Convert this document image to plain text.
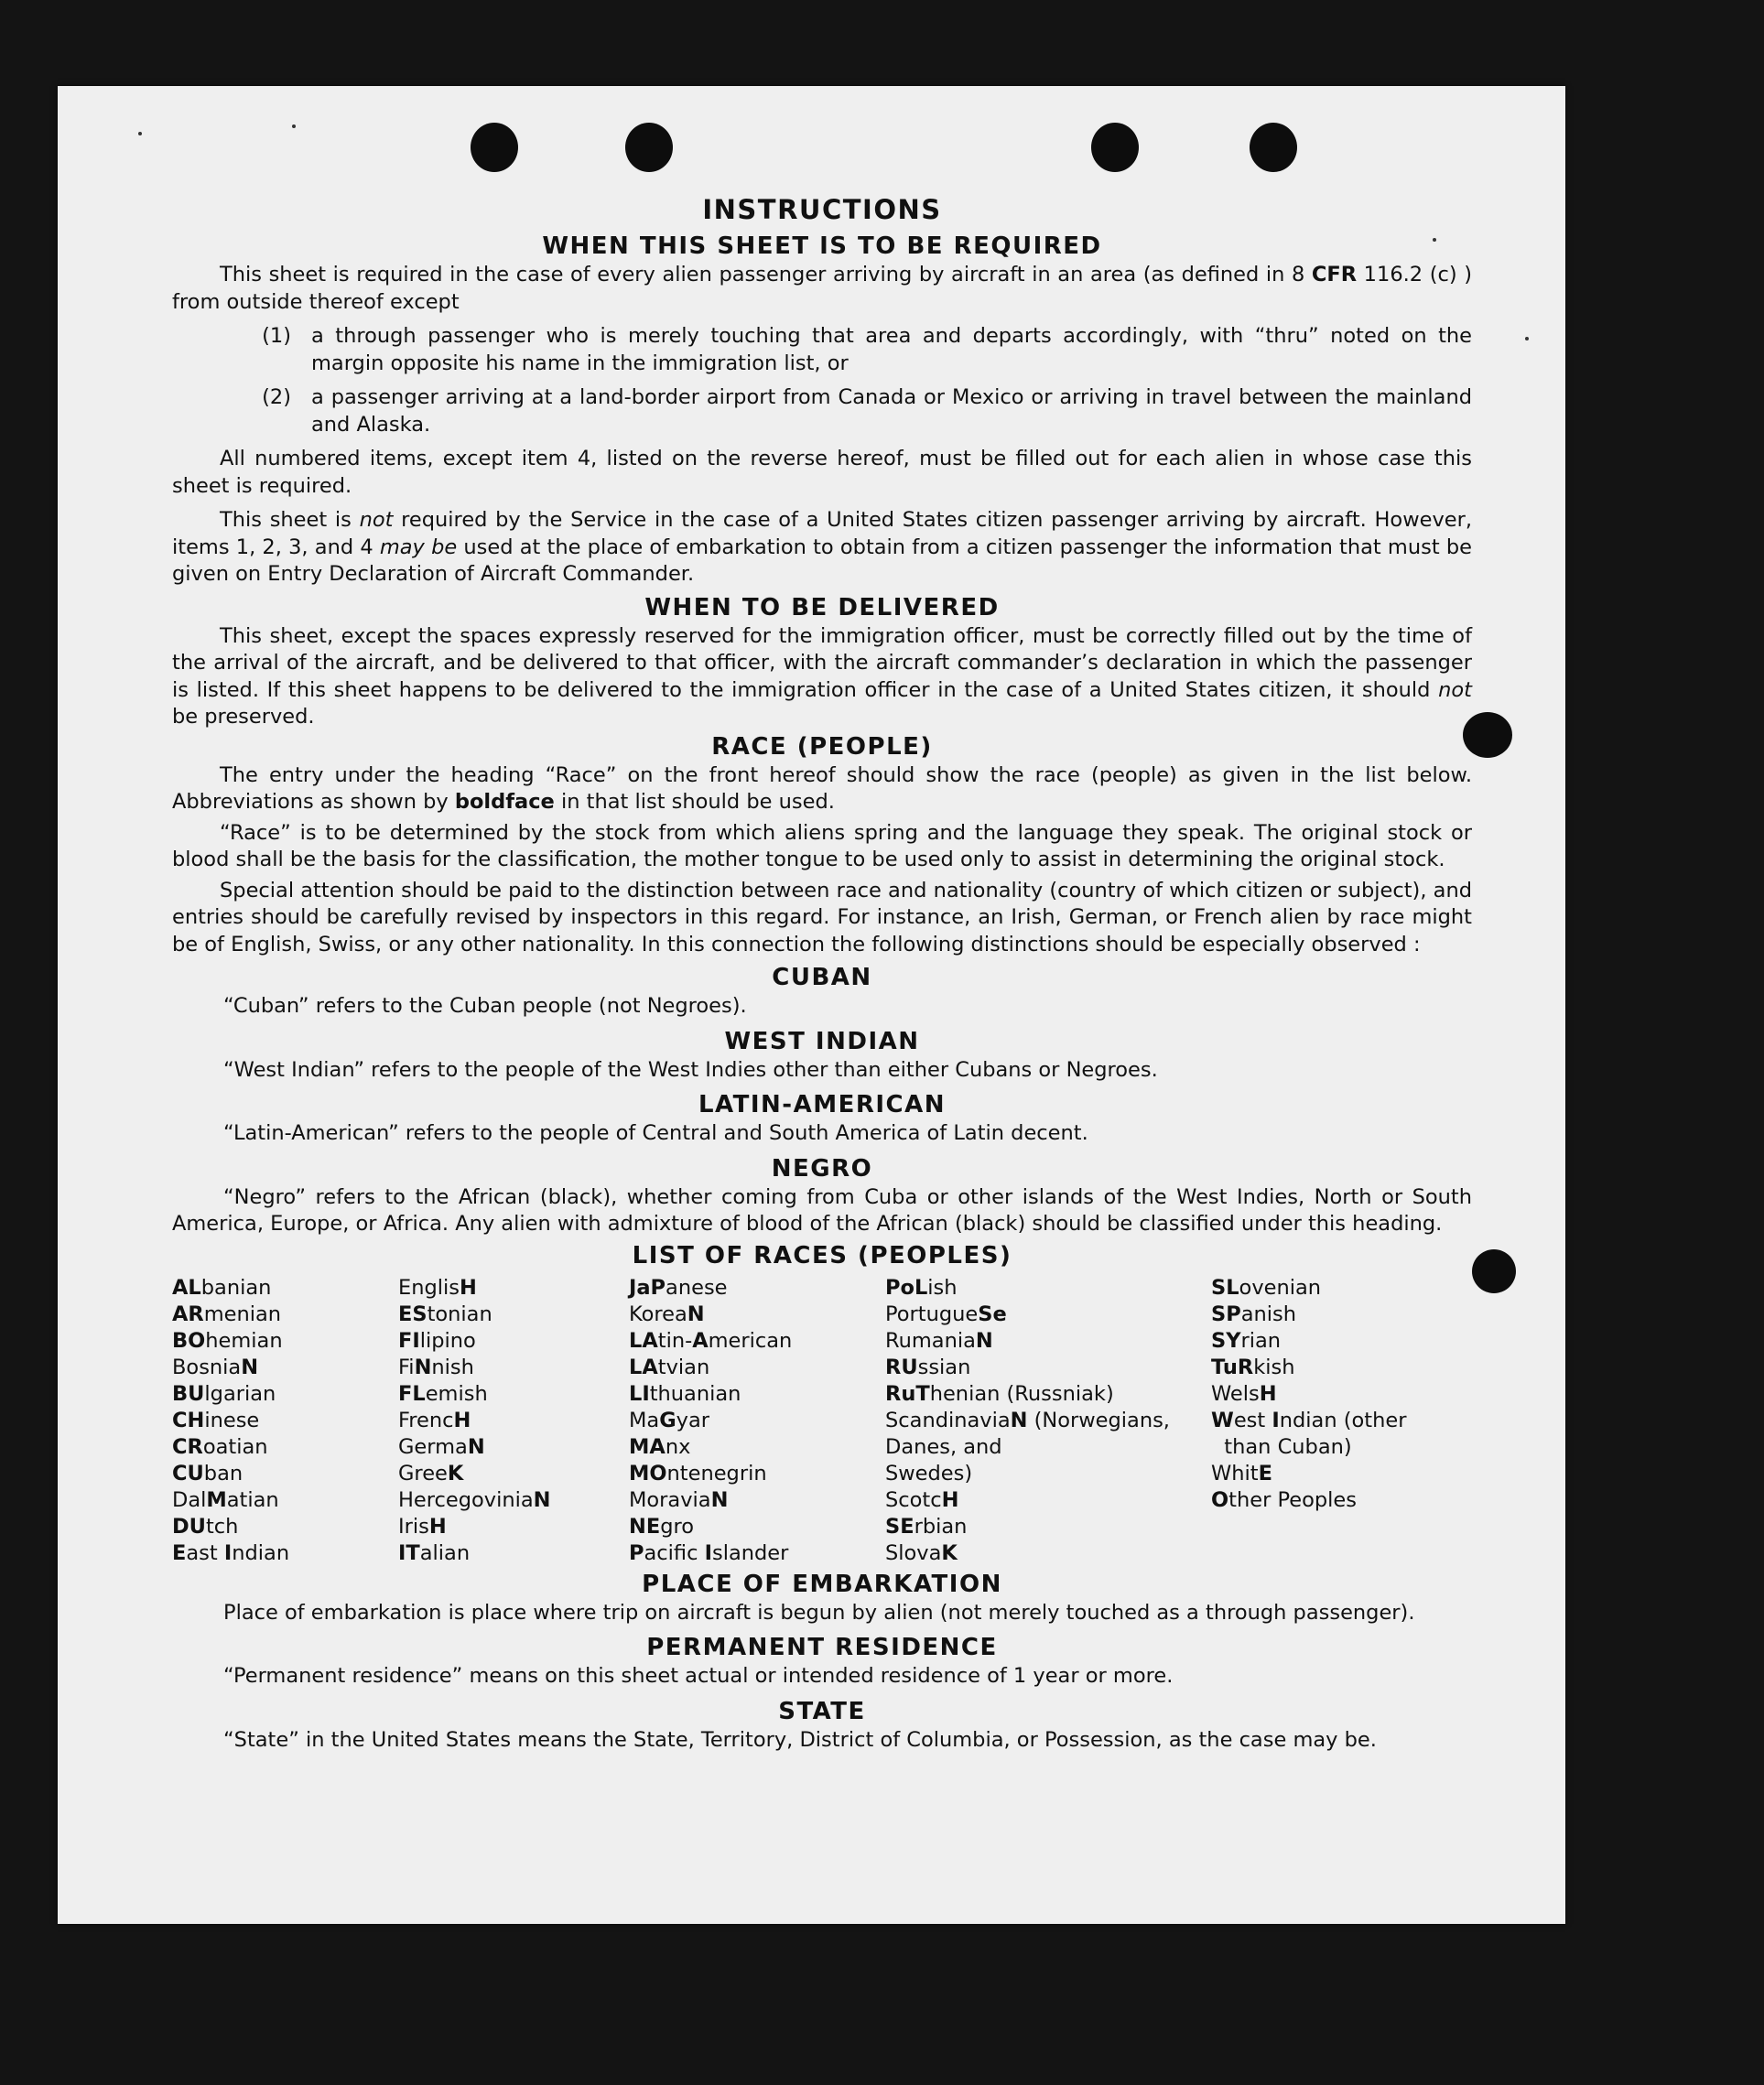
INSTRUCTIONS
WHEN THIS SHEET IS TO BE REQUIRED

This sheet is required in the case of every alien passenger arriving by aircraft in an area (as defined in 8 CFR 116.2 (c) ) from outside thereof except

(1) a through passenger who is merely touching that area and departs accordingly, with “thru” noted on the margin opposite his name in the immigration list, or
(2) a passenger arriving at a land-border airport from Canada or Mexico or arriving in travel between the mainland and Alaska.

All numbered items, except item 4, listed on the reverse hereof, must be filled out for each alien in whose case this sheet is required.

This sheet is not required by the Service in the case of a United States citizen passenger arriving by aircraft. However, items 1, 2, 3, and 4 may be used at the place of embarkation to obtain from a citizen passenger the information that must be given on Entry Declaration of Aircraft Commander.

WHEN TO BE DELIVERED

This sheet, except the spaces expressly reserved for the immigration officer, must be correctly filled out by the time of the arrival of the aircraft, and be delivered to that officer, with the aircraft commander’s declaration in which the passenger is listed. If this sheet happens to be delivered to the immigration officer in the case of a United States citizen, it should not be preserved.

RACE (PEOPLE)

The entry under the heading “Race” on the front hereof should show the race (people) as given in the list below. Abbreviations as shown by boldface in that list should be used.

“Race” is to be determined by the stock from which aliens spring and the language they speak. The original stock or blood shall be the basis for the classification, the mother tongue to be used only to assist in determining the original stock.

Special attention should be paid to the distinction between race and nationality (country of which citizen or subject), and entries should be carefully revised by inspectors in this regard. For instance, an Irish, German, or French alien by race might be of English, Swiss, or any other nationality. In this connection the following distinctions should be especially observed :

CUBAN

“Cuban” refers to the Cuban people (not Negroes).

WEST INDIAN

“West Indian” refers to the people of the West Indies other than either Cubans or Negroes.

LATIN-AMERICAN

“Latin-American” refers to the people of Central and South America of Latin decent.

NEGRO

“Negro” refers to the African (black), whether coming from Cuba or other islands of the West Indies, North or South America, Europe, or Africa. Any alien with admixture of blood of the African (black) should be classified under this heading.

LIST OF RACES (PEOPLES)
ALbanian
ARmenian
BOhemian
BosniaN
BUlgarian
CHinese
CRoatian
CUban
DalMatian
DUtch
East Indian
EnglisH
EStonian
FIlipino
FiNnish
FLemish
FrencH
GermaN
GreeK
HercegoviniaN
IrisH
ITalian
JaPanese
KoreaN
LAtin-American
LAtvian
LIthuanian
MaGyar
MAnx
MOntenegrin
MoraviaN
NEgro
Pacific Islander
PoLish
PortugueSe
RumaniaN
RUssian
RuThenian (Russniak)
ScandinaviaN (Norwegians,
Danes, and
Swedes)
ScotcH
SErbian
SlovaK
SLovenian
SPanish
SYrian
TuRkish
WelsH
West Indian (other
than Cuban)
WhitE
Other Peoples
PLACE OF EMBARKATION

Place of embarkation is place where trip on aircraft is begun by alien (not merely touched as a through passenger).

PERMANENT RESIDENCE

“Permanent residence” means on this sheet actual or intended residence of 1 year or more.

STATE

“State” in the United States means the State, Territory, District of Columbia, or Possession, as the case may be.
